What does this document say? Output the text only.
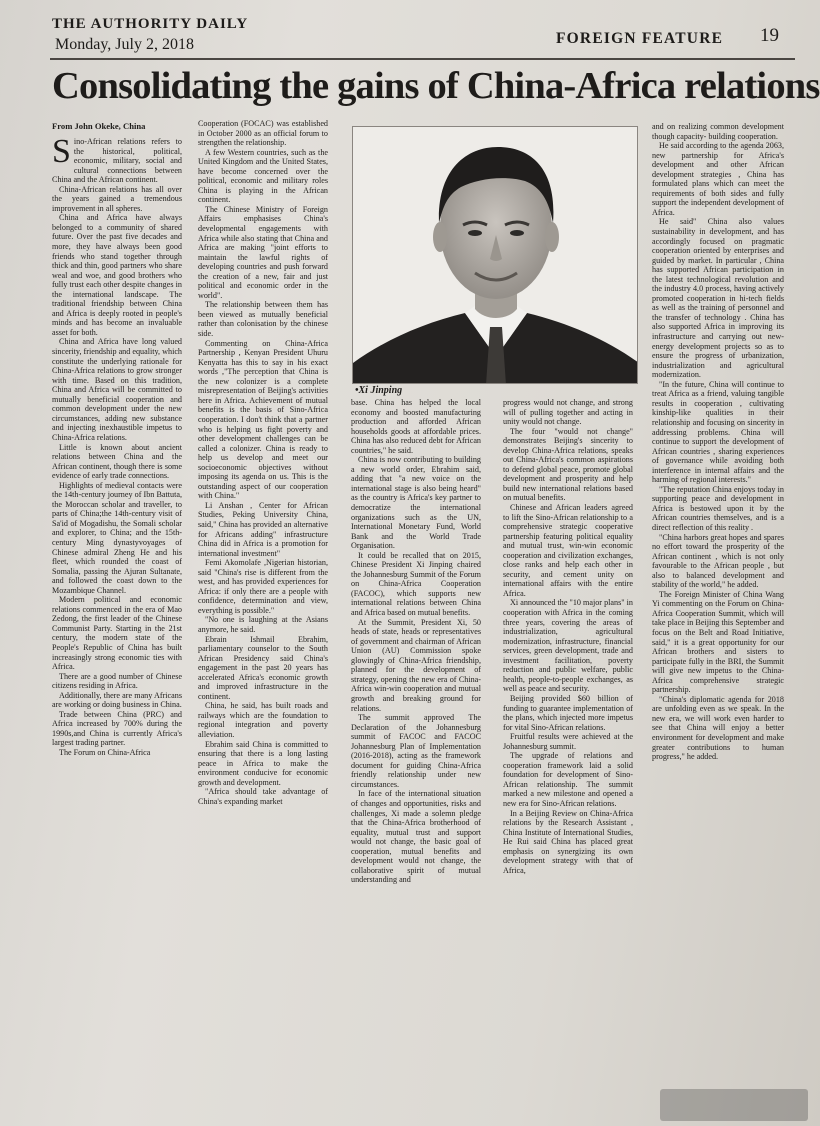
THE AUTHORITY DAILY
Monday, July 2, 2018	FOREIGN FEATURE 19
Consolidating the gains of China-Africa relations
From John Okeke, China

Sino-African relations refers to the historical, political, economic, military, social and cultural connections between China and the African continent.

China-African relations has all over the years gained a tremendous improvement in all spheres.

China and Africa have always belonged to a community of shared future. Over the past five decades and more, they have always been good friends who stand together through thick and thin, good partners who share weal and woe, and good brothers who fully trust each other despite changes in the international landscape. The traditional friendship between China and Africa is deeply rooted in people's minds and has become an invaluable asset for both.

China and Africa have long valued sincerity, friendship and equality, which constitute the underlying rationale for China-Africa relations to grow stronger with time. Based on this tradition, China and Africa will be committed to mutually beneficial cooperation and common development under the new circumstances, adding new substance and injecting inexhaustible impetus to China-Africa relations.

Little is known about ancient relations between China and the African continent, though there is some evidence of early trade connections.

Highlights of medieval contacts were the 14th-century journey of Ibn Battuta, the Moroccan scholar and traveller, to parts of China;the 14th-century visit of Sa'id of Mogadishu, the Somali scholar and explorer, to China; and the 15th-century Ming dynastyvoyages of Chinese admiral Zheng He and his fleet, which rounded the coast of Somalia, passing the Ajuran Sultanate, and followed the coast down to the Mozambique Channel.

Modern political and economic relations commenced in the era of Mao Zedong, the first leader of the Chinese Communist Party. Starting in the 21st century, the modern state of the People's Republic of China has built increasingly strong economic ties with Africa.

There are a good number of Chinese citizens residing in Africa.

Additionally, there are many Africans are working or doing business in China.

Trade between China (PRC) and Africa increased by 700% during the 1990s,and China is currently Africa's largest trading partner.

The Forum on China-Africa

Cooperation (FOCAC) was established in October 2000 as an official forum to strengthen the relationship.

A few Western countries, such as the United Kingdom and the United States, have become concerned over the political, economic and military roles China is playing in the African continent.

The Chinese Ministry of Foreign Affairs emphasises China's developmental engagements with Africa while also stating that China and Africa are making "joint efforts to maintain the lawful rights of developing countries and push forward the creation of a new, fair and just political and economic order in the world".

The relationship between them has been viewed as mutually beneficial rather than colonisation by the chinese side.

Commenting on China-Africa Partnership , Kenyan President Uhuru Kenyatta has this to say in his exact words ,"The perception that China is the new colonizer is a complete misrepresentation of Beijing's activities here in Africa. Achievement of mutual benefits is the basis of Sino-Africa cooperation. I don't think that a partner who is helping us fight poverty and other development challenges can be called a colonizer. China is ready to help us develop and meet our socioeconomic objectives without imposing its agenda on us. This is the outstanding aspect of our cooperation with China."

Li Anshan , Center for African Studies, Peking University China, said," China has provided an alternative for Africans adding" infrastructure China did in Africa is a promotion for international investment"

Femi Akomolafe ,Nigerian historian, said "China's rise is different from the west, and has provided experiences for Africa: if only there are a people with confidence, determination and view, everything is possible."

"No one is laughing at the Asians anymore, he said.

Ebrain Ishmail Ebrahim, parliamentary counselor to the South African Presidency said China's engagement in the past 20 years has accelerated Africa's economic growth and improved infrastructure in the continent.

China, he said, has built roads and railways which are the foundation to regional integration and poverty alleviation.

Ebrahim said China is committed to ensuring that there is a long lasting peace in Africa to make the environment conducive for economic growth and development.

"Africa should take advantage of China's expanding market

•Xi Jinping

base. China has helped the local economy and boosted manufacturing production and afforded African households goods at affordable prices. China has also reduced debt for African countries," he said.

China is now contributing to building a new world order, Ebrahim said, adding that "a new voice on the international stage is also being heard" as the country is Africa's key partner to democratize the international organizations such as the UN, International Monetary Fund, World Bank and the World Trade Organisation.

It could be recalled that on 2015, Chinese President Xi Jinping chaired the Johannesburg Summit of the Forum on China-Africa Cooperation (FACOC), which supports new international relations between China and Africa based on mutual benefits.

At the Summit, President Xi, 50 heads of state, heads or representatives of government and chairman of African Union (AU) Commission spoke glowingly of China-Africa friendship, planned for the development of strategy, opening the new era of China-Africa win-win cooperation and mutual growth and breaking ground for relations.

The summit approved The Declaration of the Johannesburg summit of FACOC and FACOC Johannesburg Plan of Implementation (2016-2018), acting as the framework document for guiding China-Africa friendly relationship under new circumstances.

In face of the international situation of changes and opportunities, risks and challenges, Xi made a solemn pledge that the China-Africa brotherhood of equality, mutual trust and support would not change, the basic goal of cooperation, mutual benefits and development would not change, the collaborative spirit of mutual understanding and

progress would not change, and strong will of pulling together and acting in unity would not change.

The four "would not change" demonstrates Beijing's sincerity to develop China-Africa relations, speaks out China-Africa's common aspirations to defend global peace, promote global development and prosperity and help build new international relations based on mutual benefits.

Chinese and African leaders agreed to lift the Sino-African relationship to a comprehensive strategic cooperative partnership featuring political equality and mutual trust, win-win economic cooperation and civilization exchanges, close ranks and help each other in security, and cement unity on international affairs with the entire Africa.

Xi announced the "10 major plans" in cooperation with Africa in the coming three years, covering the areas of industrialization, agricultural modernization, infrastructure, financial services, green development, trade and investment facilitation, poverty reduction and public welfare, public health, people-to-people exchanges, as well as peace and security.

Beijing provided $60 billion of funding to guarantee implementation of the plans, which injected more impetus for vital Sino-African relations.

Fruitful results were achieved at the Johannesburg summit.

The upgrade of relations and cooperation framework laid a solid foundation for development of Sino-African relationship. The summit marked a new milestone and opened a new era for Sino-African relations.

In a Beijing Review on China-Africa relations by the Research Assistant , China Institute of International Studies, He Rui said China has placed great emphasis on synergizing its own development strategy with that of Africa,

and on realizing common development though capacity- building cooperation.

He said according to the agenda 2063, new partnership for Africa's development and other African development strategies , China has formulated plans which can meet the requirements of both sides and fully support the independent development of Africa.

He said" China also values sustainability in development, and has accordingly focused on pragmatic cooperation oriented by enterprises and guided by market. In particular , China has supported African participation in the latest technological revolution and the industry 4.0 process, having actively promoted cooperation in hi-tech fields as well as the training of personnel and the transfer of technology . China has also supported Africa in improving its infrastructure and carrying out new-energy development projects so as to ensure the progress of urbanization, industrialization and agricultural modernization.

"In the future, China will continue to treat Africa as a friend, valuing tangible results in cooperation , cultivating kinship-like qualities in their relationship and focusing on sincerity in addressing problems. China will continue to support the development of African countries , sharing experiences of governance while avoiding both interference in internal affairs and the harming of regional interests."

"The reputation China enjoys today in supporting peace and development in Africa is bestowed upon it by the African countries themselves, and is a direct reflection of this reality .

"China harbors great hopes and spares no effort toward the prosperity of the African continent , which is not only favourable to the African people , but also to balanced development and stability of the world," he added.

The Foreign Minister of China Wang Yi commenting on the Forum on China-Africa Cooperation Summit, which will take place in Beijing this September and focus on the Belt and Road Initiative, said," it is a great opportunity for our African brothers and sisters to participate fully in the BRI, the Summit will give new impetus to the China-Africa comprehensive strategic partnership.

"China's diplomatic agenda for 2018 are unfolding even as we speak. In the new era, we will work even harder to see that China will enjoy a better environment for development and make greater contributions to human progress," he added.
